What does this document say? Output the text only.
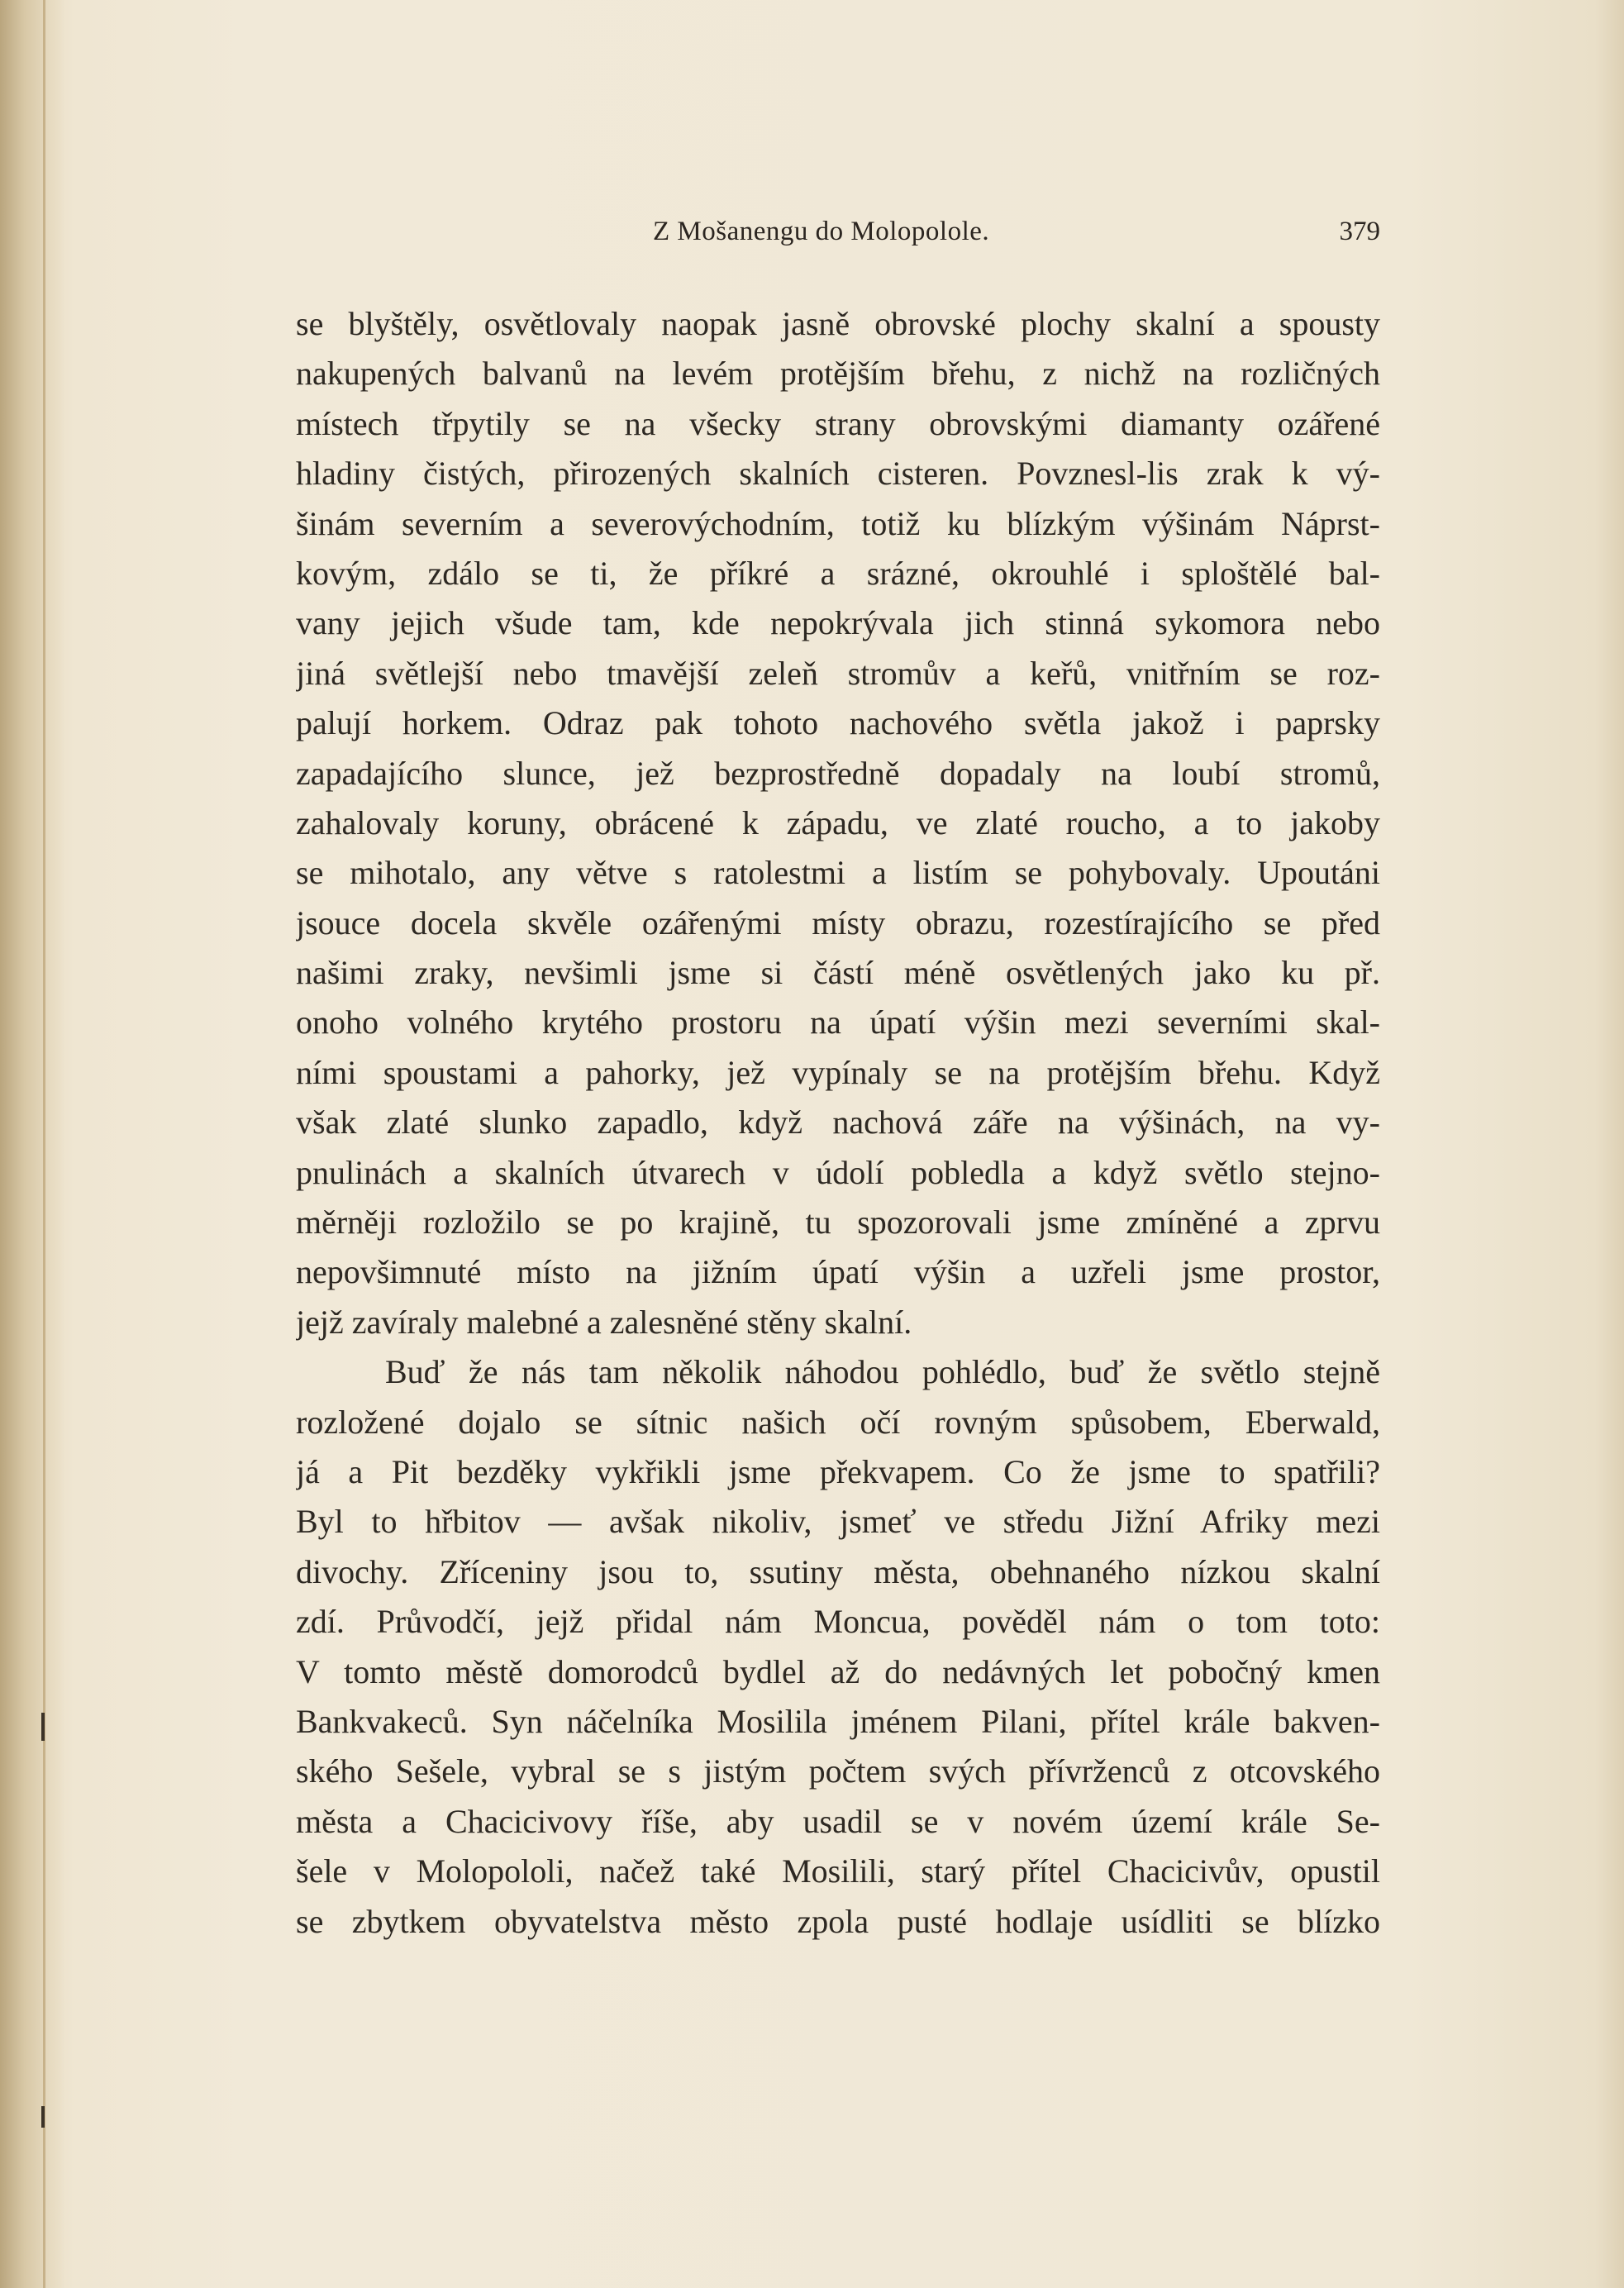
Z Mošanengu do Molopolole.	379
se blyštěly, osvětlovaly naopak jasně obrovské plochy skalní a spousty
nakupených balvanů na levém protějším břehu, z nichž na rozličných
místech třpytily se na všecky strany obrovskými diamanty ozářené
hladiny čistých, přirozených skalních cisteren. Povznesl-lis zrak k vý-
šinám severním a severovýchodním, totiž ku blízkým výšinám Náprst-
kovým, zdálo se ti, že příkré a srázné, okrouhlé i sploštělé bal-
vany jejich všude tam, kde nepokrývala jich stinná sykomora nebo
jiná světlejší nebo tmavější zeleň stromův a keřů, vnitřním se roz-
palují horkem. Odraz pak tohoto nachového světla jakož i paprsky
zapadajícího slunce, jež bezprostředně dopadaly na loubí stromů,
zahalovaly koruny, obrácené k západu, ve zlaté roucho, a to jakoby
se mihotalo, any větve s ratolestmi a listím se pohybovaly. Upoutáni
jsouce docela skvěle ozářenými místy obrazu, rozestírajícího se před
našimi zraky, nevšimli jsme si částí méně osvětlených jako ku př.
onoho volného krytého prostoru na úpatí výšin mezi severními skal-
ními spoustami a pahorky, jež vypínaly se na protějším břehu. Když
však zlaté slunko zapadlo, když nachová záře na výšinách, na vy-
pnulinách a skalních útvarech v údolí pobledla a když světlo stejno-
měrněji rozložilo se po krajině, tu spozorovali jsme zmíněné a zprvu
nepovšimnuté místo na jižním úpatí výšin a uzřeli jsme prostor,
jejž zavíraly malebné a zalesněné stěny skalní.
Buď že nás tam několik náhodou pohlédlo, buď že světlo stejně
rozložené dojalo se sítnic našich očí rovným spůsobem, Eberwald,
já a Pit bezděky vykřikli jsme překvapem. Co že jsme to spatřili?
Byl to hřbitov — avšak nikoliv, jsmeť ve středu Jižní Afriky mezi
divochy. Zříceniny jsou to, ssutiny města, obehnaného nízkou skalní
zdí. Průvodčí, jejž přidal nám Moncua, pověděl nám o tom toto:
V tomto městě domorodců bydlel až do nedávných let pobočný kmen
Bankvakeců. Syn náčelníka Mosilila jménem Pilani, přítel krále bakven-
ského Sešele, vybral se s jistým počtem svých přívrženců z otcovského
města a Chacicivovy říše, aby usadil se v novém území krále Se-
šele v Molopololi, načež také Mosilili, starý přítel Chacicivův, opustil
se zbytkem obyvatelstva město zpola pusté hodlaje usídliti se blízko
